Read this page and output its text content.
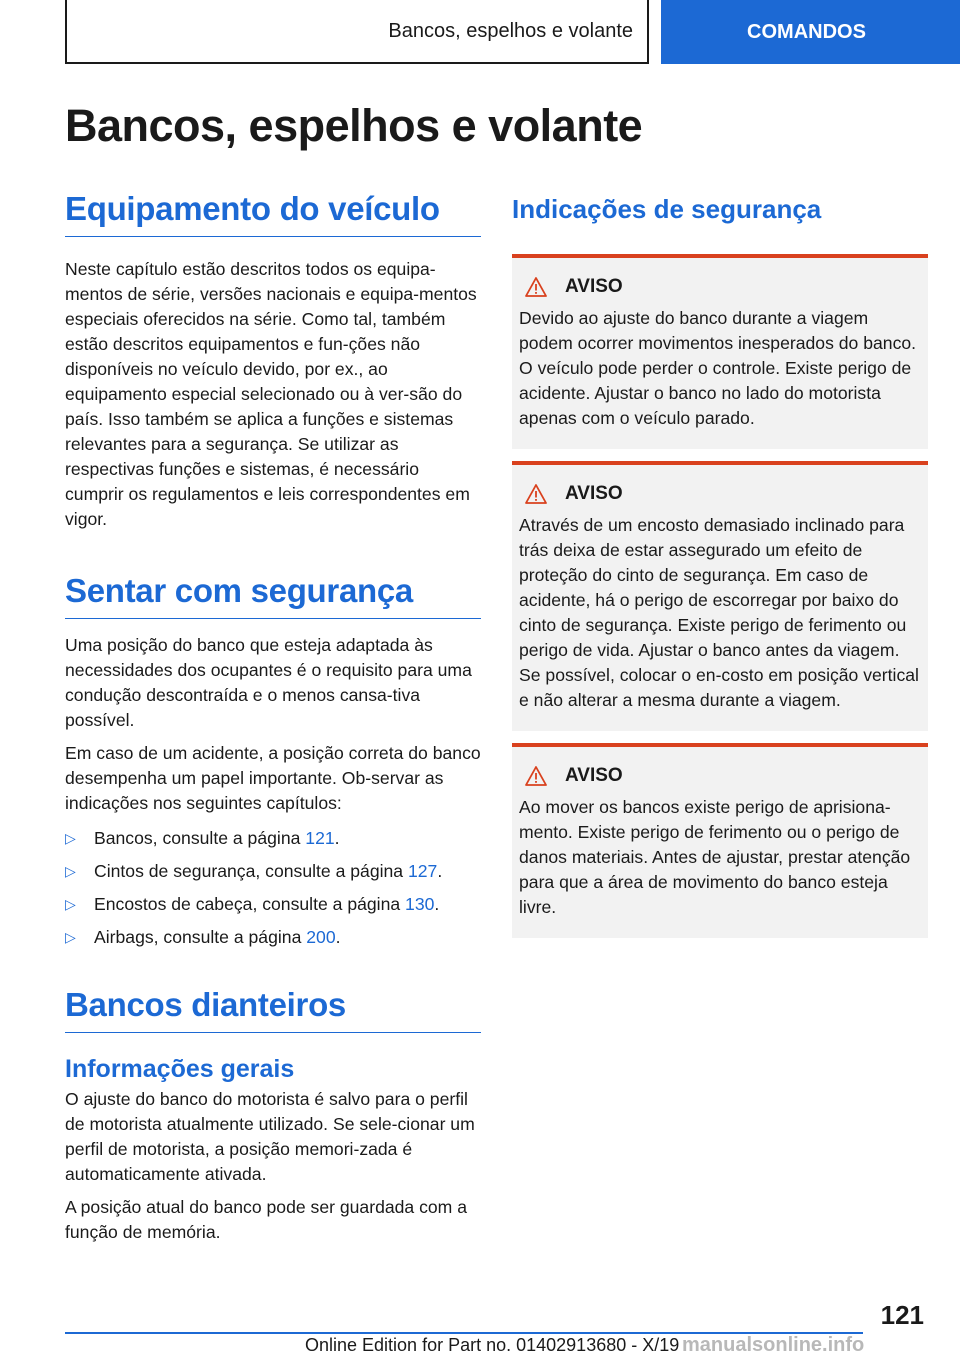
Bancos, espelhos e volante	COMANDOS
Bancos, espelhos e volante
Equipamento do veículo

Neste capítulo estão descritos todos os equipa-mentos de série, versões nacionais e equipa-mentos especiais oferecidos na série. Como tal, também estão descritos equipamentos e fun-ções não disponíveis no veículo devido, por ex., ao equipamento especial selecionado ou à ver-são do país. Isso também se aplica a funções e sistemas relevantes para a segurança. Se utilizar as respectivas funções e sistemas, é necessário cumprir os regulamentos e leis correspondentes em vigor.

Sentar com segurança

Uma posição do banco que esteja adaptada às necessidades dos ocupantes é o requisito para uma condução descontraída e o menos cansa-tiva possível.

Em caso de um acidente, a posição correta do banco desempenha um papel importante. Ob-servar as indicações nos seguintes capítulos:

▷ Bancos, consulte a página 121.
▷ Cintos de segurança, consulte a página 127.
▷ Encostos de cabeça, consulte a página 130.
▷ Airbags, consulte a página 200.
Bancos dianteiros
Informações gerais

O ajuste do banco do motorista é salvo para o perfil de motorista atualmente utilizado. Se sele-cionar um perfil de motorista, a posição memori-zada é automaticamente ativada.

A posição atual do banco pode ser guardada com a função de memória.

Indicações de segurança
AVISO

Devido ao ajuste do banco durante a viagem podem ocorrer movimentos inesperados do banco. O veículo pode perder o controle. Existe perigo de acidente. Ajustar o banco no lado do motorista apenas com o veículo parado.

AVISO

Através de um encosto demasiado inclinado para trás deixa de estar assegurado um efeito de proteção do cinto de segurança. Em caso de acidente, há o perigo de escorregar por baixo do cinto de segurança. Existe perigo de ferimento ou perigo de vida. Ajustar o banco antes da viagem. Se possível, colocar o en-costo em posição vertical e não alterar a mesma durante a viagem.

AVISO

Ao mover os bancos existe perigo de aprisiona-mento. Existe perigo de ferimento ou o perigo de danos materiais. Antes de ajustar, prestar atenção para que a área de movimento do banco esteja livre.

121
Online Edition for Part no. 01402913680 - X/19 manualsonline.info
